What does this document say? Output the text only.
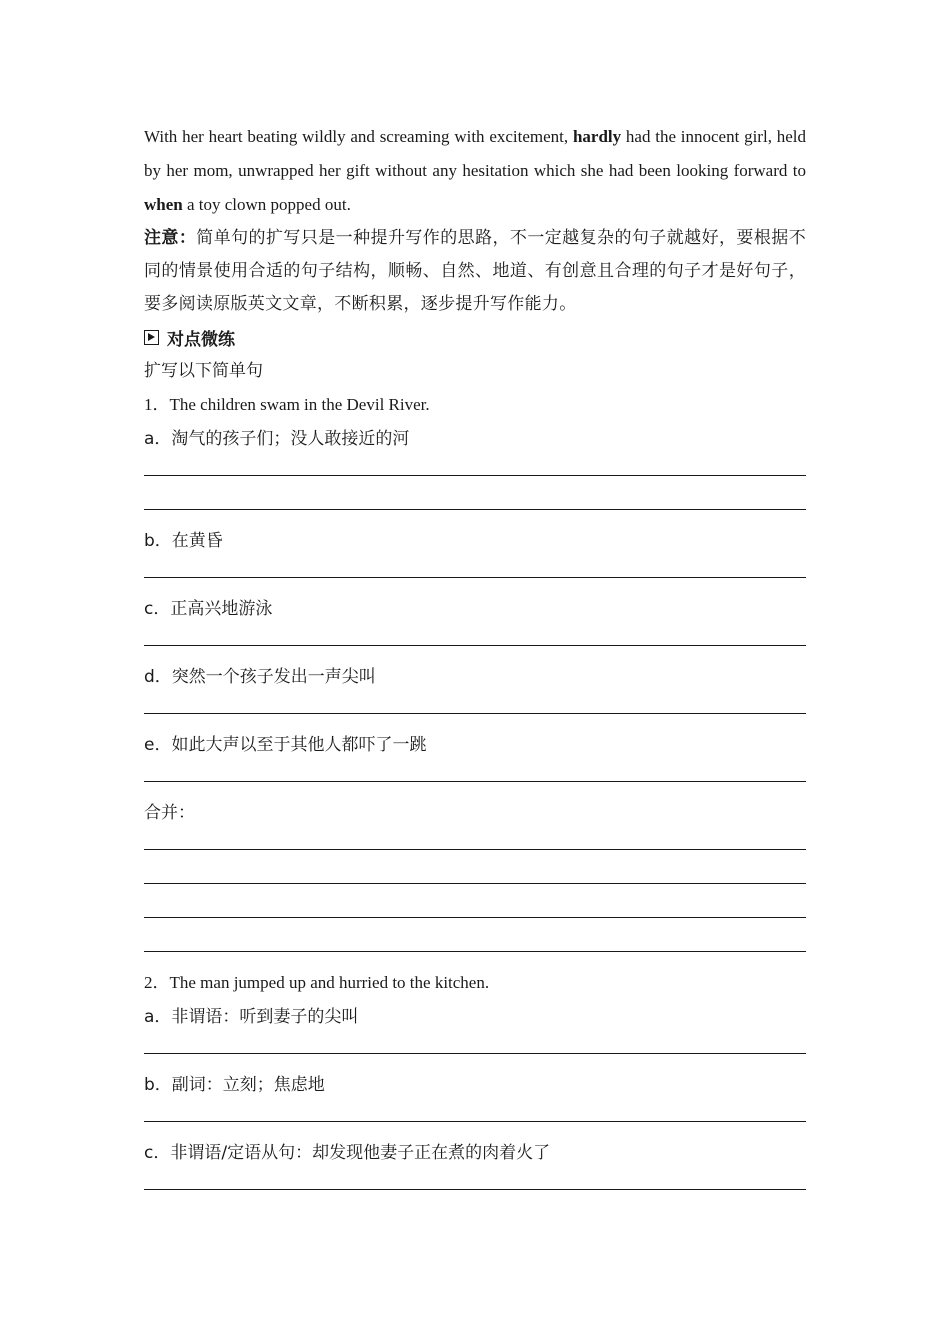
With her heart beating wildly and screaming with excitement, hardly had the innocent girl, held by her mom, unwrapped her gift without any hesitation which she had been looking forward to when a toy clown popped out.

注意：简单句的扩写只是一种提升写作的思路，不一定越复杂的句子就越好，要根据不同的情景使用合适的句子结构，顺畅、自然、地道、有创意且合理的句子才是好句子，要多阅读原版英文文章，不断积累，逐步提升写作能力。

对点微练
扩写以下简单句
1．The children swam in the Devil River.
a．淘气的孩子们；没人敢接近的河
b．在黄昏
c．正高兴地游泳
d．突然一个孩子发出一声尖叫
e．如此大声以至于其他人都吓了一跳
合并：
2．The man jumped up and hurried to the kitchen.
a．非谓语：听到妻子的尖叫
b．副词：立刻；焦虑地
c．非谓语/定语从句：却发现他妻子正在煮的肉着火了
